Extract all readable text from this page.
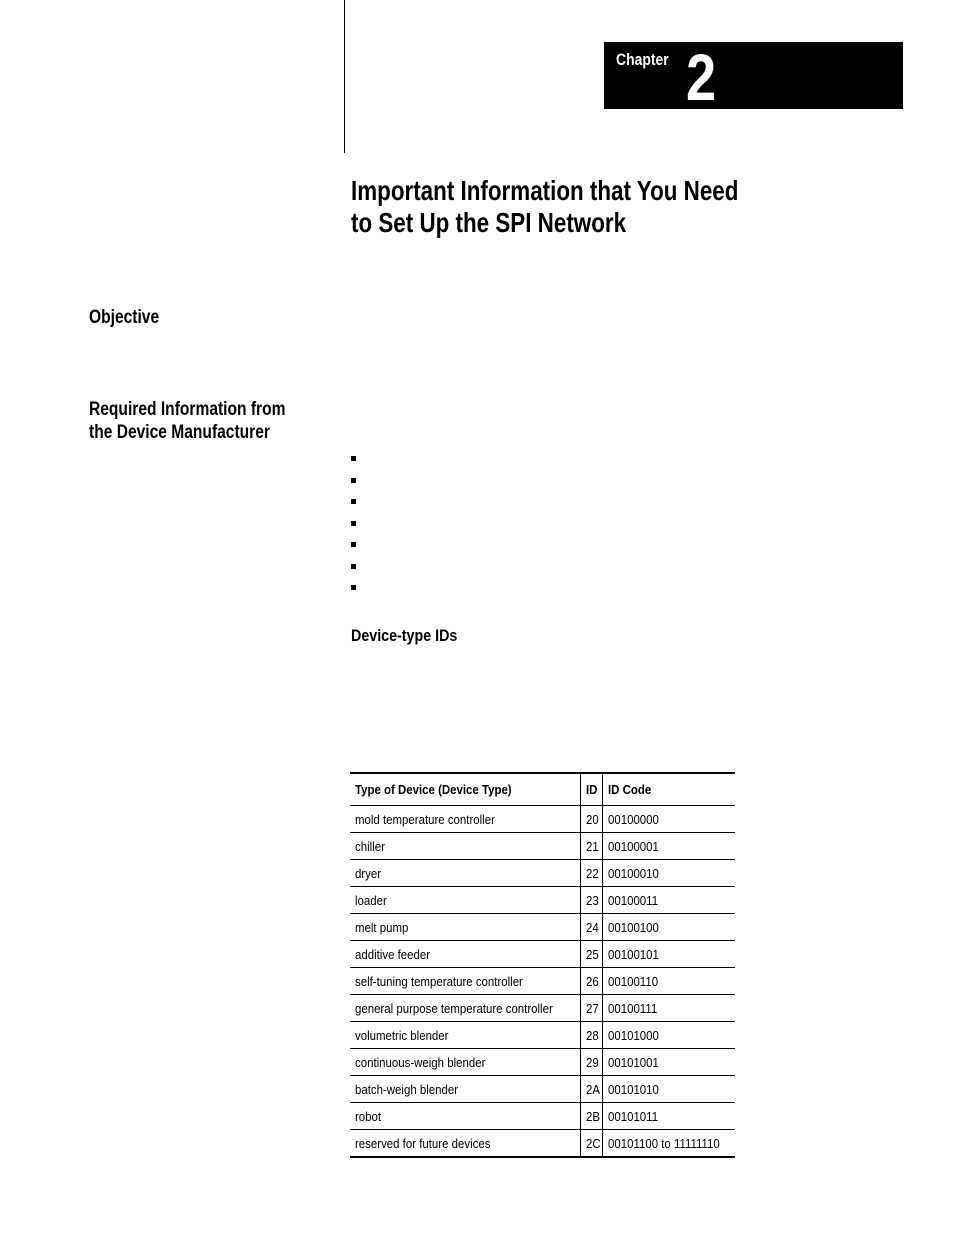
Chapter 2
Important Information that You Need
to Set Up the SPI Network
Objective
Required Information from
the Device Manufacturer
Device-type IDs
Type of Device (Device Type)	ID	ID Code
mold temperature controller	20	00100000
chiller	21	00100001
dryer	22	00100010
loader	23	00100011
melt pump	24	00100100
additive feeder	25	00100101
self-tuning temperature controller	26	00100110
general purpose temperature controller	27	00100111
volumetric blender	28	00101000
continuous-weigh blender	29	00101001
batch-weigh blender	2A	00101010
robot	2B	00101011
reserved for future devices	2C	00101100 to 11111110
